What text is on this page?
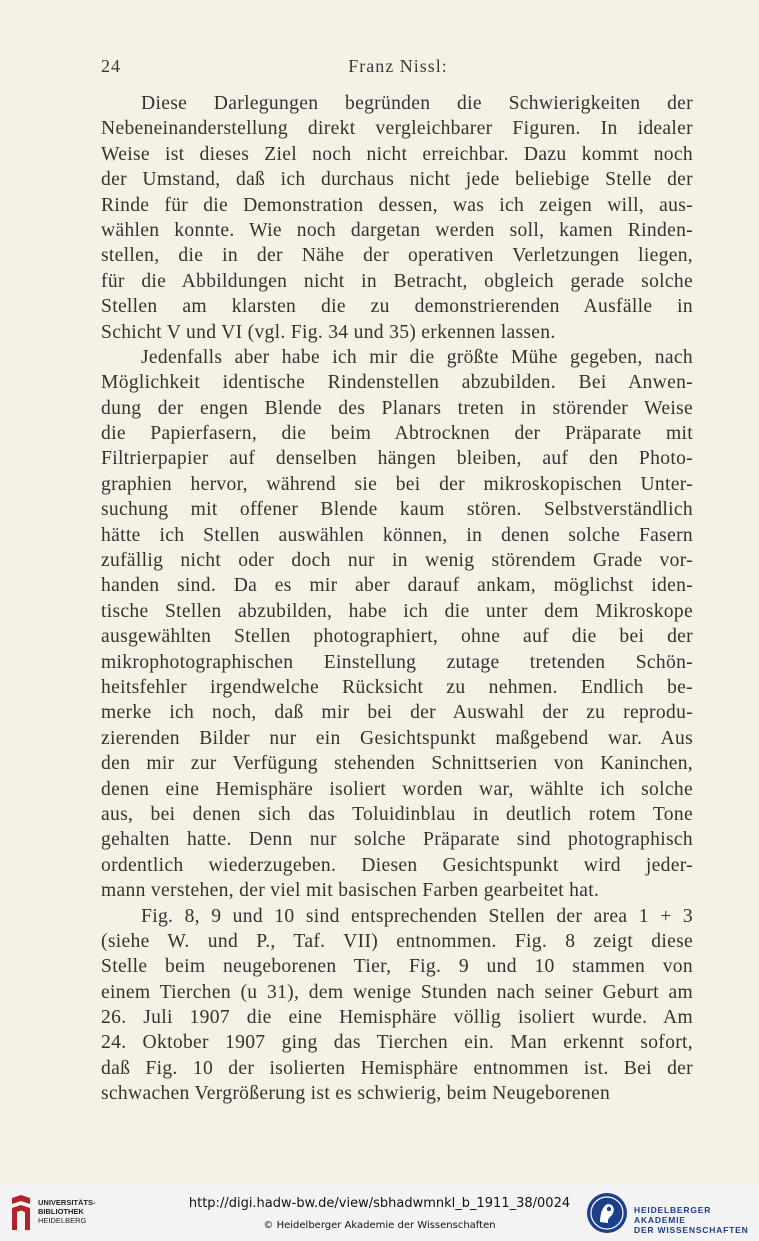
24	Franz Nissl:
Diese Darlegungen begründen die Schwierigkeiten der
Nebeneinanderstellung direkt vergleichbarer Figuren. In idealer
Weise ist dieses Ziel noch nicht erreichbar. Dazu kommt noch
der Umstand, daß ich durchaus nicht jede beliebige Stelle der
Rinde für die Demonstration dessen, was ich zeigen will, aus-
wählen konnte. Wie noch dargetan werden soll, kamen Rinden-
stellen, die in der Nähe der operativen Verletzungen liegen,
für die Abbildungen nicht in Betracht, obgleich gerade solche
Stellen am klarsten die zu demonstrierenden Ausfälle in
Schicht V und VI (vgl. Fig. 34 und 35) erkennen lassen.
Jedenfalls aber habe ich mir die größte Mühe gegeben, nach
Möglichkeit identische Rindenstellen abzubilden. Bei Anwen-
dung der engen Blende des Planars treten in störender Weise
die Papierfasern, die beim Abtrocknen der Präparate mit
Filtrierpapier auf denselben hängen bleiben, auf den Photo-
graphien hervor, während sie bei der mikroskopischen Unter-
suchung mit offener Blende kaum stören. Selbstverständlich
hätte ich Stellen auswählen können, in denen solche Fasern
zufällig nicht oder doch nur in wenig störendem Grade vor-
handen sind. Da es mir aber darauf ankam, möglichst iden-
tische Stellen abzubilden, habe ich die unter dem Mikroskope
ausgewählten Stellen photographiert, ohne auf die bei der
mikrophotographischen Einstellung zutage tretenden Schön-
heitsfehler irgendwelche Rücksicht zu nehmen. Endlich be-
merke ich noch, daß mir bei der Auswahl der zu reprodu-
zierenden Bilder nur ein Gesichtspunkt maßgebend war. Aus
den mir zur Verfügung stehenden Schnittserien von Kaninchen,
denen eine Hemisphäre isoliert worden war, wählte ich solche
aus, bei denen sich das Toluidinblau in deutlich rotem Tone
gehalten hatte. Denn nur solche Präparate sind photographisch
ordentlich wiederzugeben. Diesen Gesichtspunkt wird jeder-
mann verstehen, der viel mit basischen Farben gearbeitet hat.
Fig. 8, 9 und 10 sind entsprechenden Stellen der area 1 + 3
(siehe W. und P., Taf. VII) entnommen. Fig. 8 zeigt diese
Stelle beim neugeborenen Tier, Fig. 9 und 10 stammen von
einem Tierchen (u 31), dem wenige Stunden nach seiner Geburt am
26. Juli 1907 die eine Hemisphäre völlig isoliert wurde. Am
24. Oktober 1907 ging das Tierchen ein. Man erkennt sofort,
daß Fig. 10 der isolierten Hemisphäre entnommen ist. Bei der
schwachen Vergrößerung ist es schwierig, beim Neugeborenen
UNIVERSITÄTS-
BIBLIOTHEK
HEIDELBERG
http://digi.hadw-bw.de/view/sbhadwmnkl_b_1911_38/0024
© Heidelberger Akademie der Wissenschaften
HEIDELBERGER AKADEMIE
DER WISSENSCHAFTEN
